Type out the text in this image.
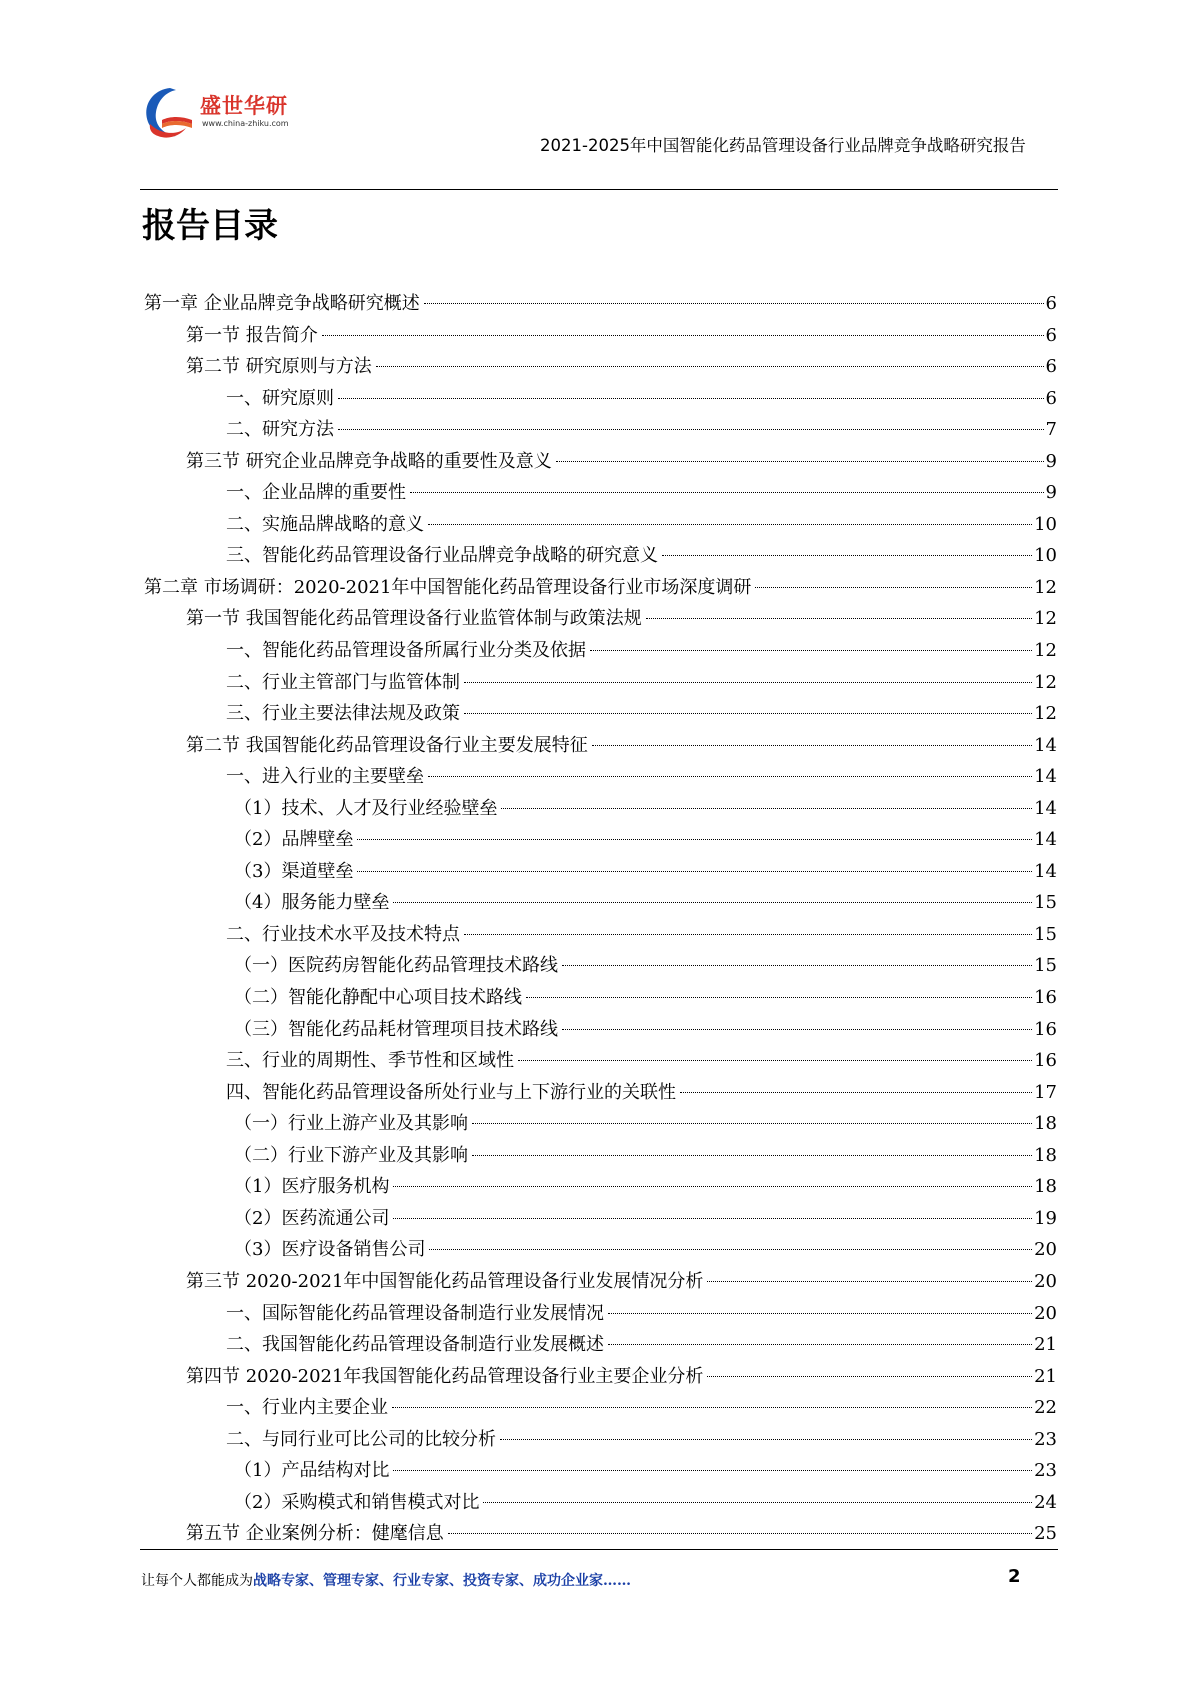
盛世华研
www.china-zhiku.com

2021-2025年中国智能化药品管理设备行业品牌竞争战略研究报告

报告目录
第一章 企业品牌竞争战略研究概述	6
第一节 报告简介	6
第二节 研究原则与方法	6
一、研究原则	6
二、研究方法	7
第三节 研究企业品牌竞争战略的重要性及意义	9
一、企业品牌的重要性	9
二、实施品牌战略的意义	10
三、智能化药品管理设备行业品牌竞争战略的研究意义	10
第二章 市场调研：2020-2021年中国智能化药品管理设备行业市场深度调研	12
第一节 我国智能化药品管理设备行业监管体制与政策法规	12
一、智能化药品管理设备所属行业分类及依据	12
二、行业主管部门与监管体制	12
三、行业主要法律法规及政策	12
第二节 我国智能化药品管理设备行业主要发展特征	14
一、进入行业的主要壁垒	14
（1）技术、人才及行业经验壁垒	14
（2）品牌壁垒	14
（3）渠道壁垒	14
（4）服务能力壁垒	15
二、行业技术水平及技术特点	15
（一）医院药房智能化药品管理技术路线	15
（二）智能化静配中心项目技术路线	16
（三）智能化药品耗材管理项目技术路线	16
三、行业的周期性、季节性和区域性	16
四、智能化药品管理设备所处行业与上下游行业的关联性	17
（一）行业上游产业及其影响	18
（二）行业下游产业及其影响	18
（1）医疗服务机构	18
（2）医药流通公司	19
（3）医疗设备销售公司	20
第三节 2020-2021年中国智能化药品管理设备行业发展情况分析	20
一、国际智能化药品管理设备制造行业发展情况	20
二、我国智能化药品管理设备制造行业发展概述	21
第四节 2020-2021年我国智能化药品管理设备行业主要企业分析	21
一、行业内主要企业	22
二、与同行业可比公司的比较分析	23
（1）产品结构对比	23
（2）采购模式和销售模式对比	24
第五节 企业案例分析：健麾信息	25
让每个人都能成为战略专家、管理专家、行业专家、投资专家、成功企业家……	2
